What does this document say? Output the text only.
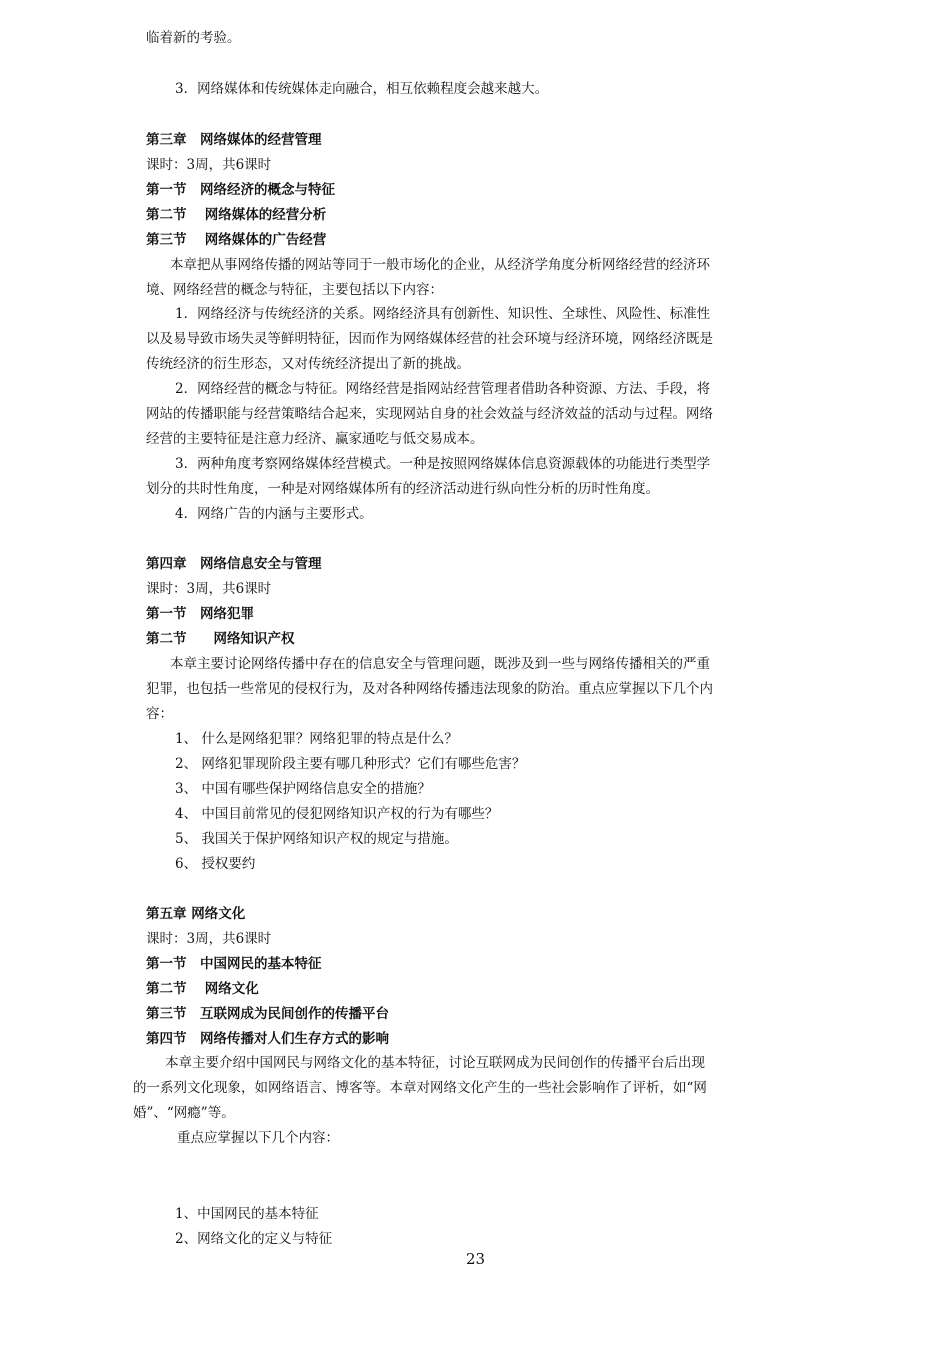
临着新的考验。
3．网络媒体和传统媒体走向融合，相互依赖程度会越来越大。
第三章　网络媒体的经营管理
课时：3周，共6课时
第一节　网络经济的概念与特征
第二节　 网络媒体的经营分析
第三节　 网络媒体的广告经营
本章把从事网络传播的网站等同于一般市场化的企业，从经济学角度分析网络经营的经济环
境、网络经营的概念与特征，主要包括以下内容：
1．网络经济与传统经济的关系。网络经济具有创新性、知识性、全球性、风险性、标准性
以及易导致市场失灵等鲜明特征，因而作为网络媒体经营的社会环境与经济环境，网络经济既是
传统经济的衍生形态，又对传统经济提出了新的挑战。
2．网络经营的概念与特征。网络经营是指网站经营管理者借助各种资源、方法、手段，将
网站的传播职能与经营策略结合起来，实现网站自身的社会效益与经济效益的活动与过程。网络
经营的主要特征是注意力经济、赢家通吃与低交易成本。
3．两种角度考察网络媒体经营模式。一种是按照网络媒体信息资源载体的功能进行类型学
划分的共时性角度，一种是对网络媒体所有的经济活动进行纵向性分析的历时性角度。
4．网络广告的内涵与主要形式。
第四章　网络信息安全与管理
课时：3周，共6课时
第一节　网络犯罪
第二节　　网络知识产权
本章主要讨论网络传播中存在的信息安全与管理问题，既涉及到一些与网络传播相关的严重
犯罪，也包括一些常见的侵权行为，及对各种网络传播违法现象的防治。重点应掌握以下几个内
容：
1、 什么是网络犯罪？网络犯罪的特点是什么？
2、 网络犯罪现阶段主要有哪几种形式？它们有哪些危害？
3、 中国有哪些保护网络信息安全的措施？
4、 中国目前常见的侵犯网络知识产权的行为有哪些？
5、 我国关于保护网络知识产权的规定与措施。
6、 授权要约
第五章 网络文化
课时：3周，共6课时
第一节　中国网民的基本特征
第二节　 网络文化
第三节　互联网成为民间创作的传播平台
第四节　网络传播对人们生存方式的影响
本章主要介绍中国网民与网络文化的基本特征，讨论互联网成为民间创作的传播平台后出现
的一系列文化现象，如网络语言、博客等。本章对网络文化产生的一些社会影响作了评析，如“网
婚”、“网瘾”等。
重点应掌握以下几个内容：
1、中国网民的基本特征
2、网络文化的定义与特征
23
